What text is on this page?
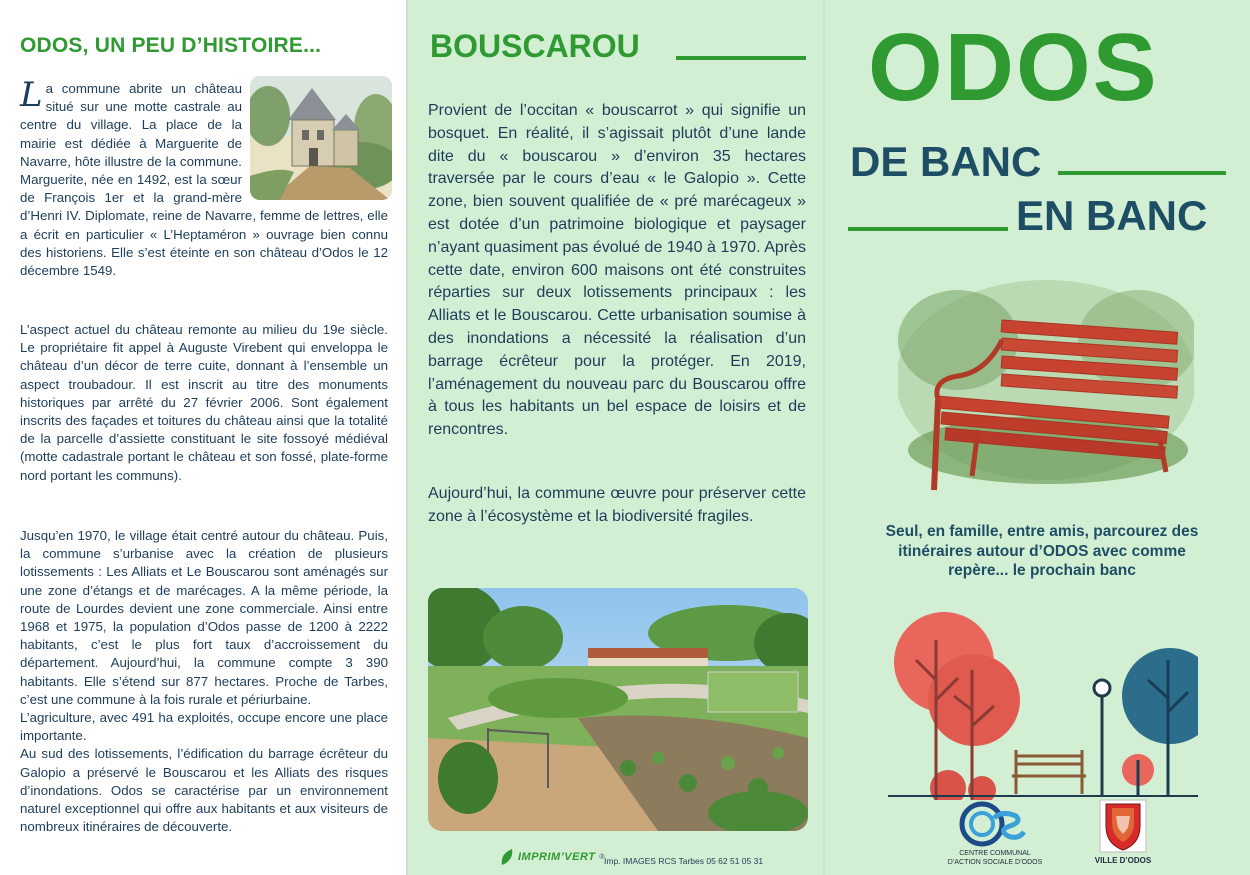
ODOS, UN PEU D’HISTOIRE...
La commune abrite un château situé sur une motte castrale au centre du village. La place de la mairie est dédiée à Marguerite de Navarre, hôte illustre de la commune. Marguerite, née en 1492, est la sœur de François 1er et la grand-mère d’Henri IV. Diplomate, reine de Navarre, femme de lettres, elle a écrit en particulier « L’Heptaméron » ouvrage bien connu des historiens. Elle s’est éteinte en son château d’Odos le 12 décembre 1549.

L’aspect actuel du château remonte au milieu du 19e siècle. Le propriétaire fit appel à Auguste Virebent qui enveloppa le château d’un décor de terre cuite, donnant à l’ensemble un aspect troubadour. Il est inscrit au titre des monuments historiques par arrêté du 27 février 2006. Sont également inscrits des façades et toitures du château ainsi que la totalité de la parcelle d’assiette constituant le site fossoyé médiéval (motte cadastrale portant le château et son fossé, plate-forme nord portant les communs).

Jusqu’en 1970, le village était centré autour du château. Puis, la commune s’urbanise avec la création de plusieurs lotissements : Les Alliats et Le Bouscarou sont aménagés sur une zone d’étangs et de marécages. A la même période, la route de Lourdes devient une zone commerciale. Ainsi entre 1968 et 1975, la population d’Odos passe de 1200 à 2222 habitants, c’est le plus fort taux d’accroissement du département. Aujourd’hui, la commune compte 3 390 habitants. Elle s’étend sur 877 hectares. Proche de Tarbes, c’est une commune à la fois rurale et périurbaine.

L’agriculture, avec 491 ha exploités, occupe encore une place importante.

Au sud des lotissements, l’édification du barrage écrêteur du Galopio a préservé le Bouscarou et les Alliats des risques d’inondations. Odos se caractérise par un environnement naturel exceptionnel qui offre aux habitants et aux visiteurs de nombreux itinéraires de découverte.

BOUSCAROU

Provient de l’occitan « bouscarrot » qui signifie un bosquet. En réalité, il s’agissait plutôt d’une lande dite du « bouscarou » d’environ 35 hectares traversée par le cours d’eau « le Galopio ». Cette zone, bien souvent qualifiée de « pré marécageux » est dotée d’un patrimoine biologique et paysager n’ayant quasiment pas évolué de 1940 à 1970. Après cette date, environ 600 maisons ont été construites réparties sur deux lotissements principaux : les Alliats et le Bouscarou. Cette urbanisation soumise à des inondations a nécessité la réalisation d’un barrage écrêteur pour la protéger. En 2019, l’aménagement du nouveau parc du Bouscarou offre à tous les habitants un bel espace de loisirs et de rencontres.

Aujourd’hui, la commune œuvre pour préserver cette zone à l’écosystème et la biodiversité fragiles.

IMPRIM’VERT ® Imp. IMAGES RCS Tarbes 05 62 51 05 31
ODOS
DE BANC
EN BANC
Seul, en famille, entre amis, parcourez des itinéraires autour d’ODOS avec comme repère... le prochain banc
CENTRE COMMUNAL
D’ACTION SOCIALE D’ODOS	VILLE D’ODOS
